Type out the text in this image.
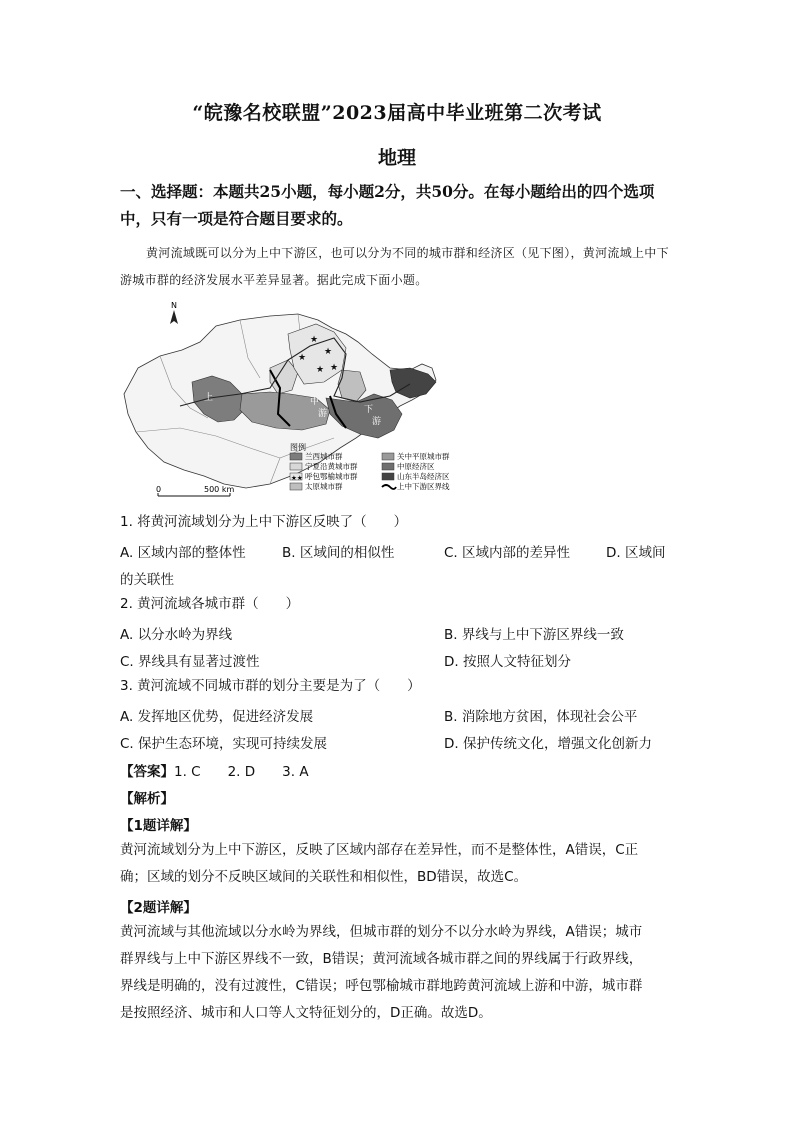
“皖豫名校联盟”2023届高中毕业班第二次考试
地理
一、选择题：本题共25小题，每小题2分，共50分。在每小题给出的四个选项中，只有一项是符合题目要求的。
黄河流域既可以分为上中下游区，也可以分为不同的城市群和经济区（见下图），黄河流域上中下游城市群的经济发展水平差异显著。据此完成下面小题。
N
★
★
★
★ ★
上	中
游	下
游
0	500 km
图例
兰西城市群	关中平原城市群
宁夏沿黄城市群	中原经济区
★★ 呼包鄂榆城市群	山东半岛经济区
太原城市群	上中下游区界线
1. 将黄河流域划分为上中下游区反映了（　　）
A. 区域内部的整体性	B. 区域间的相似性	C. 区域内部的差异性	D. 区域间
的关联性
2. 黄河流域各城市群（　　）
A. 以分水岭为界线	B. 界线与上中下游区界线一致
C. 界线具有显著过渡性	D. 按照人文特征划分
3. 黄河流域不同城市群的划分主要是为了（　　）
A. 发挥地区优势，促进经济发展	B. 消除地方贫困，体现社会公平
C. 保护生态环境，实现可持续发展	D. 保护传统文化，增强文化创新力
【答案】1. C　　2. D　　3. A
【解析】
【1题详解】
黄河流域划分为上中下游区，反映了区域内部存在差异性，而不是整体性，A错误，C正
确；区域的划分不反映区域间的关联性和相似性，BD错误，故选C。
【2题详解】
黄河流域与其他流域以分水岭为界线，但城市群的划分不以分水岭为界线，A错误；城市
群界线与上中下游区界线不一致，B错误；黄河流域各城市群之间的界线属于行政界线，
界线是明确的，没有过渡性，C错误；呼包鄂榆城市群地跨黄河流域上游和中游，城市群
是按照经济、城市和人口等人文特征划分的，D正确。故选D。
